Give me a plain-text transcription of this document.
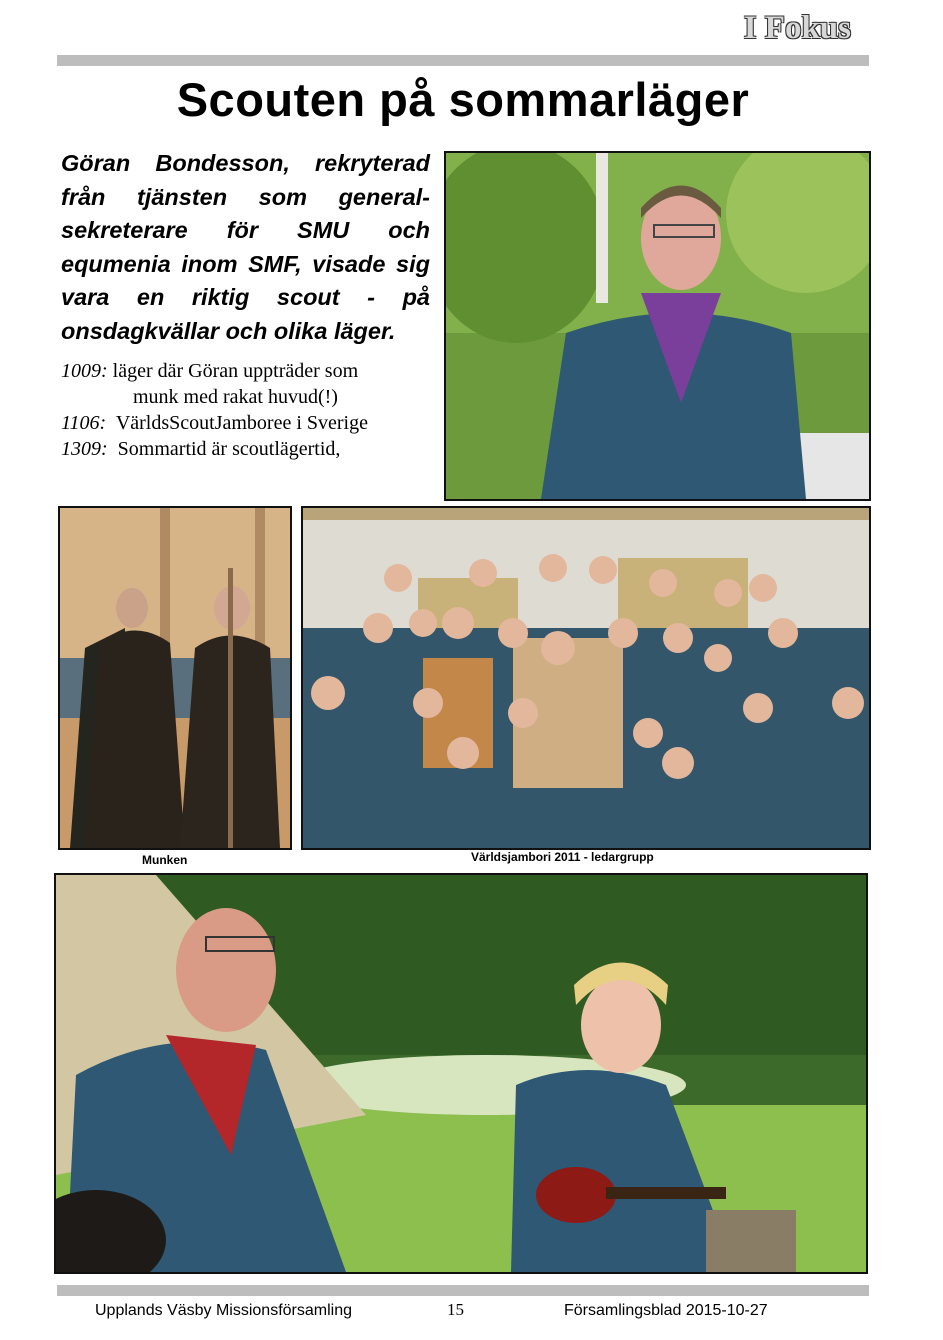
I Fokus
Scouten på sommarläger
Göran Bondesson, rekryterad från tjänsten som general-sekreterare för SMU och equmenia inom SMF, visade sig vara en riktig scout - på onsdagkvällar och olika läger.
1009: läger där Göran uppträder som
munk med rakat huvud(!)
1106: VärldsScoutJamboree i Sverige
1309: Sommartid är scoutlägertid,
Munken	Världsjambori 2011 - ledargrupp
Upplands Väsby Missionsförsamling	15	Församlingsblad 2015-10-27
